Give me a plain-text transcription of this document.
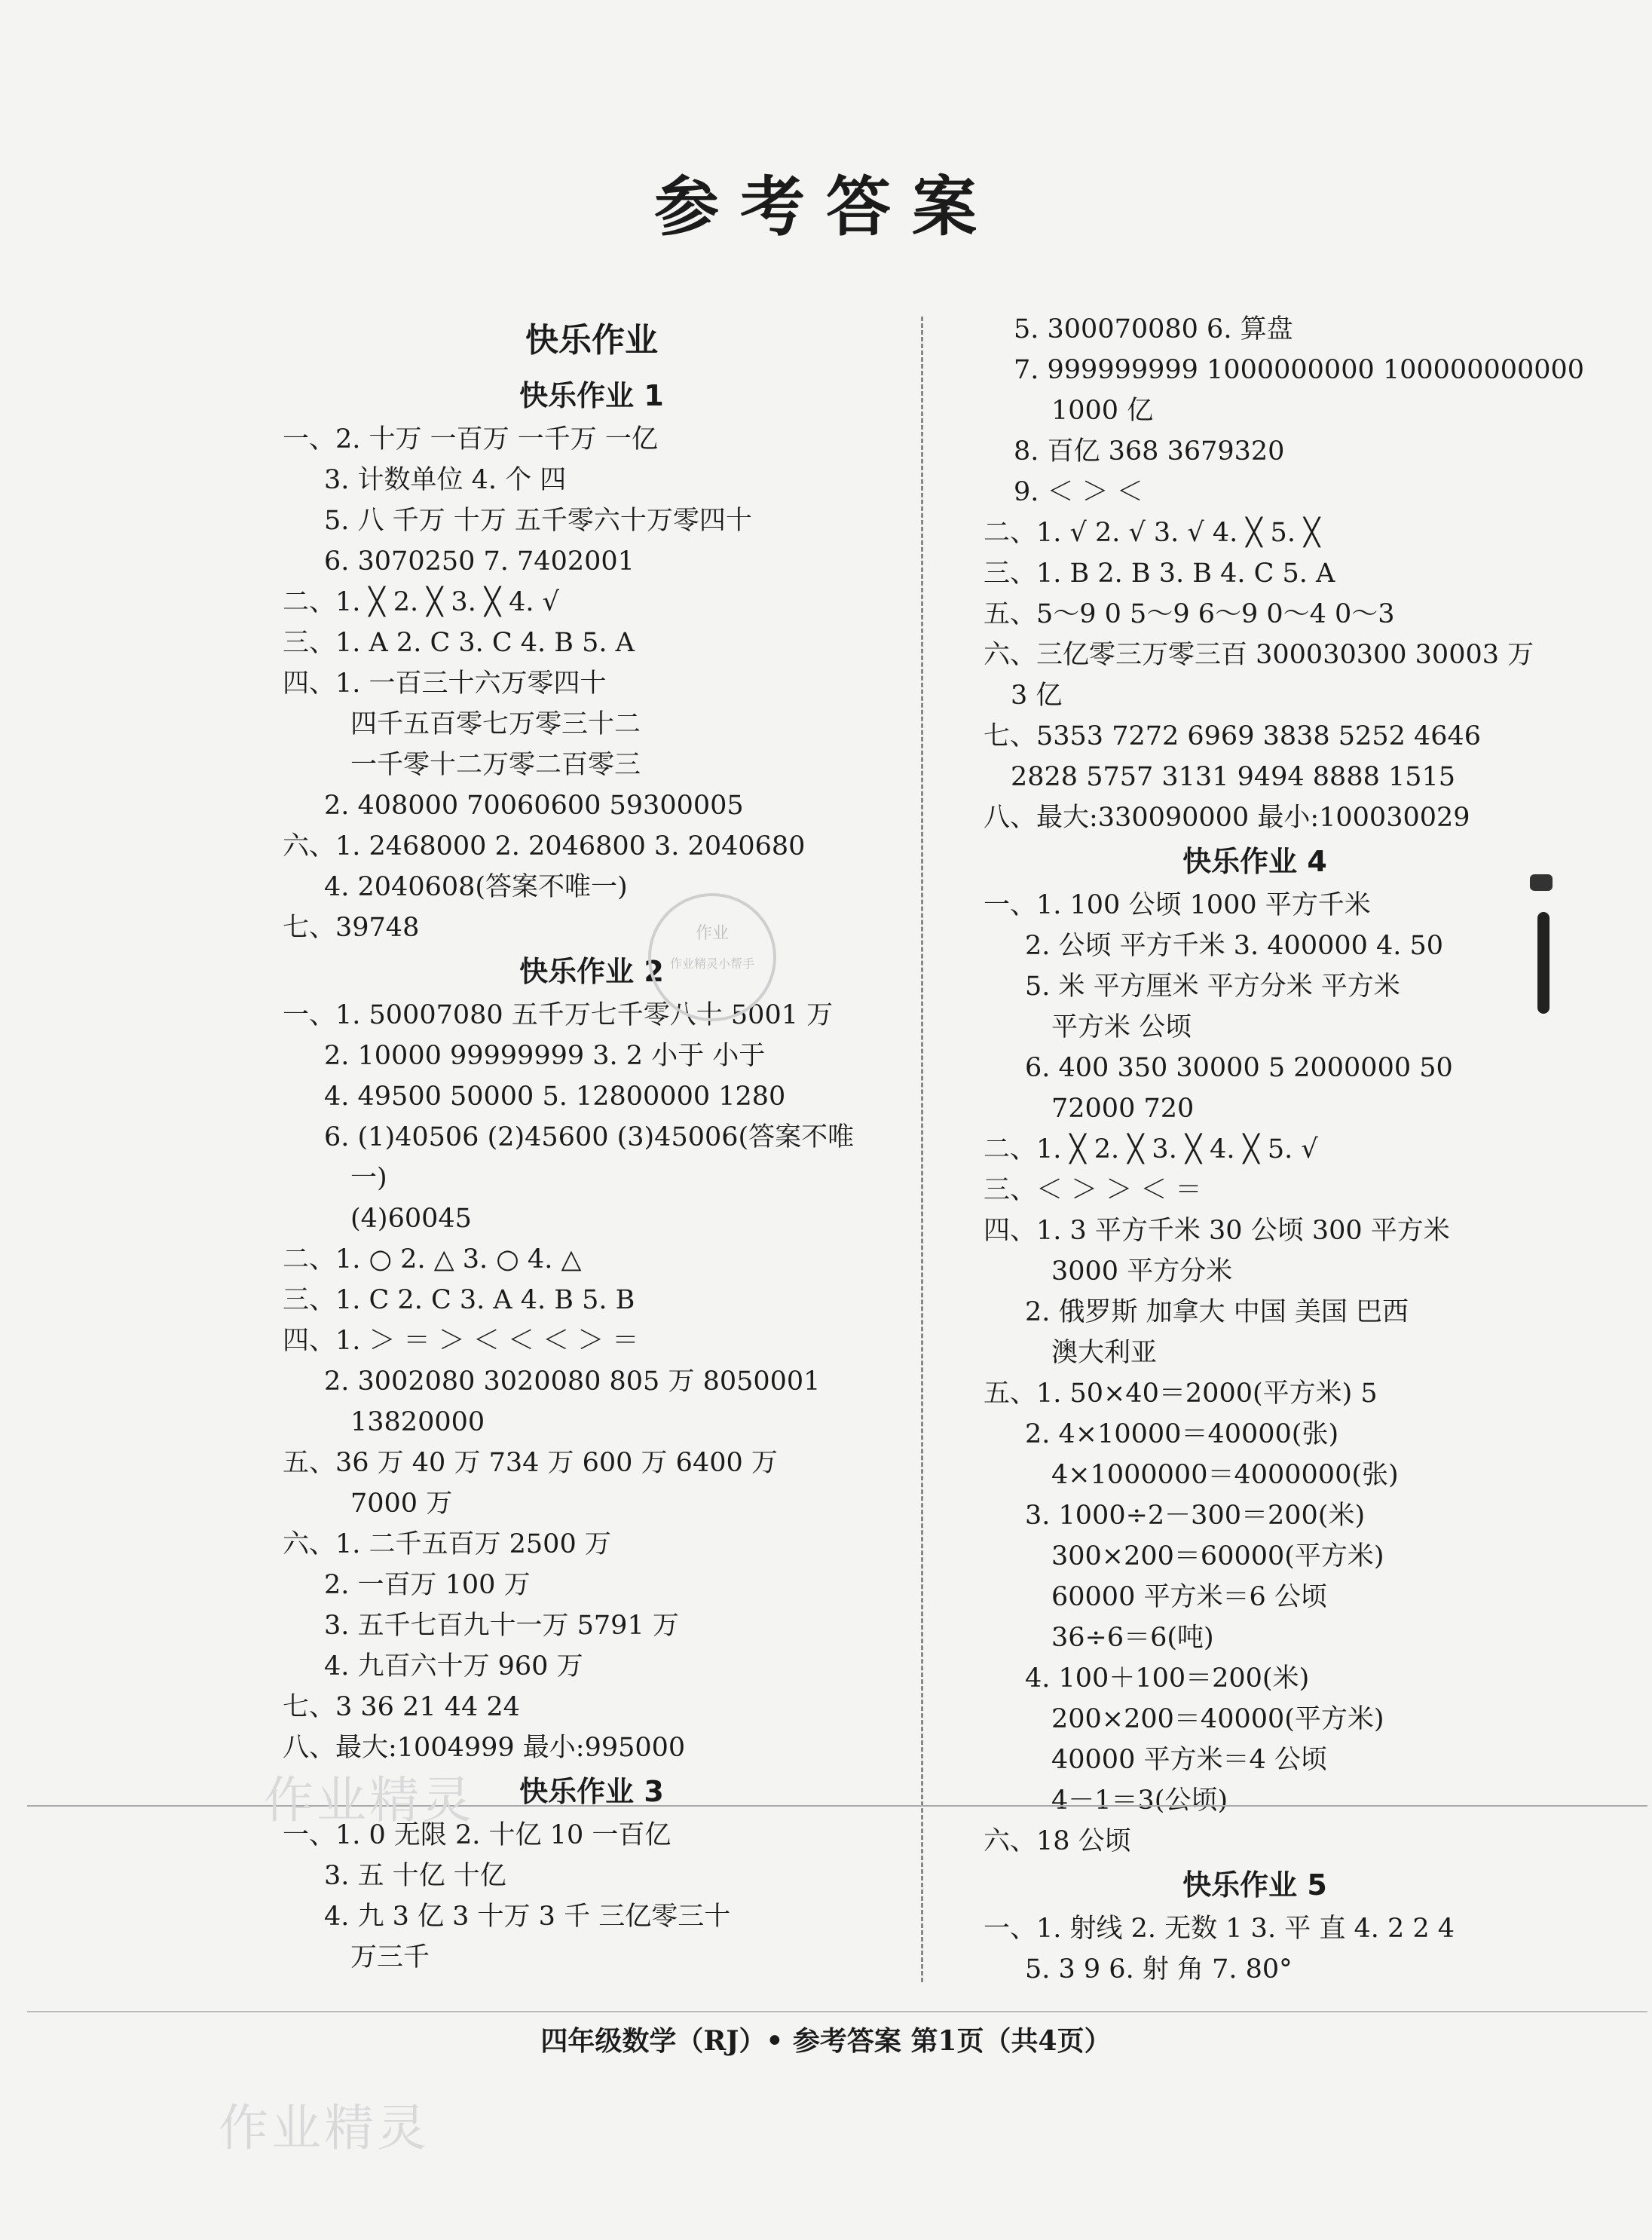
参考答案
快乐作业
快乐作业 1
一、2. 十万 一百万 一千万 一亿
3. 计数单位 4. 个 四
5. 八 千万 十万 五千零六十万零四十
6. 3070250 7. 7402001
二、1. ╳ 2. ╳ 3. ╳ 4. √
三、1. A 2. C 3. C 4. B 5. A
四、1. 一百三十六万零四十
四千五百零七万零三十二
一千零十二万零二百零三
2. 408000 70060600 59300005
六、1. 2468000 2. 2046800 3. 2040680
4. 2040608(答案不唯一)
七、39748
快乐作业 2
一、1. 50007080 五千万七千零八十 5001 万
2. 10000 99999999 3. 2 小于 小于
4. 49500 50000 5. 12800000 1280
6. (1)40506 (2)45600 (3)45006(答案不唯
一)
(4)60045
二、1. ○ 2. △ 3. ○ 4. △
三、1. C 2. C 3. A 4. B 5. B
四、1. ＞ ＝ ＞ ＜ ＜ ＜ ＞ ＝
2. 3002080 3020080 805 万 8050001
13820000
五、36 万 40 万 734 万 600 万 6400 万
7000 万
六、1. 二千五百万 2500 万
2. 一百万 100 万
3. 五千七百九十一万 5791 万
4. 九百六十万 960 万
七、3 36 21 44 24
八、最大:1004999 最小:995000
快乐作业 3
一、1. 0 无限 2. 十亿 10 一百亿
3. 五 十亿 十亿
4. 九 3 亿 3 十万 3 千 三亿零三十
万三千
5. 300070080 6. 算盘
7. 999999999 1000000000 100000000000
1000 亿
8. 百亿 368 3679320
9. ＜ ＞ ＜
二、1. √ 2. √ 3. √ 4. ╳ 5. ╳
三、1. B 2. B 3. B 4. C 5. A
五、5～9 0 5～9 6～9 0～4 0～3
六、三亿零三万零三百 300030300 30003 万
3 亿
七、5353 7272 6969 3838 5252 4646
2828 5757 3131 9494 8888 1515
八、最大:330090000 最小:100030029
快乐作业 4
一、1. 100 公顷 1000 平方千米
2. 公顷 平方千米 3. 400000 4. 50
5. 米 平方厘米 平方分米 平方米
平方米 公顷
6. 400 350 30000 5 2000000 50
72000 720
二、1. ╳ 2. ╳ 3. ╳ 4. ╳ 5. √
三、＜ ＞ ＞ ＜ ＝
四、1. 3 平方千米 30 公顷 300 平方米
3000 平方分米
2. 俄罗斯 加拿大 中国 美国 巴西
澳大利亚
五、1. 50×40＝2000(平方米) 5
2. 4×10000＝40000(张)
4×1000000＝4000000(张)
3. 1000÷2－300＝200(米)
300×200＝60000(平方米)
60000 平方米＝6 公顷
36÷6＝6(吨)
4. 100＋100＝200(米)
200×200＝40000(平方米)
40000 平方米＝4 公顷
4－1＝3(公顷)
六、18 公顷
快乐作业 5
一、1. 射线 2. 无数 1 3. 平 直 4. 2 2 4
5. 3 9 6. 射 角 7. 80°
作业精灵
作业精灵
作业
作业精灵小帮手
四年级数学（RJ）• 参考答案 第1页（共4页）
